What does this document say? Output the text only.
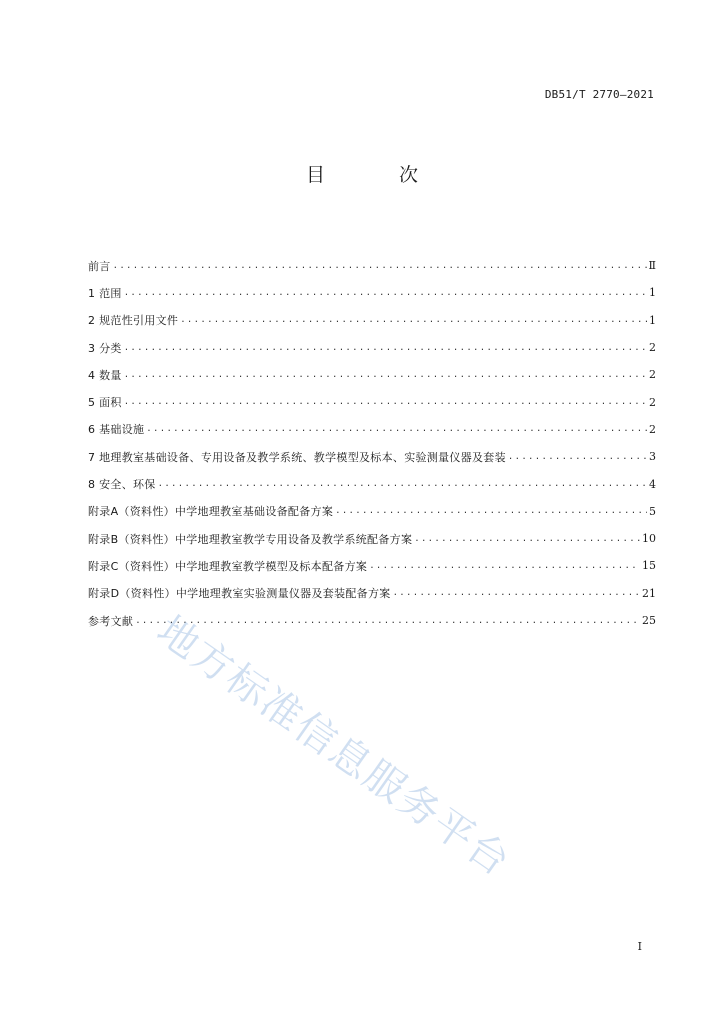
DB51/T 2770—2021
目 次
前言 .....	Ⅱ
1 范围 .....	1
2 规范性引用文件 .....	1
3 分类 .....	2
4 数量 .....	2
5 面积 .....	2
6 基础设施 .....	2
7 地理教室基础设备、专用设备及教学系统、教学模型及标本、实验测量仪器及套装 .....	3
8 安全、环保 .....	4
附录A（资料性）中学地理教室基础设备配备方案 .....	5
附录B（资料性）中学地理教室教学专用设备及教学系统配备方案 .....	10
附录C（资料性）中学地理教室教学模型及标本配备方案 .....	15
附录D（资料性）中学地理教室实验测量仪器及套装配备方案 .....	21
参考文献 .....	25
地方标准信息服务平台
I
